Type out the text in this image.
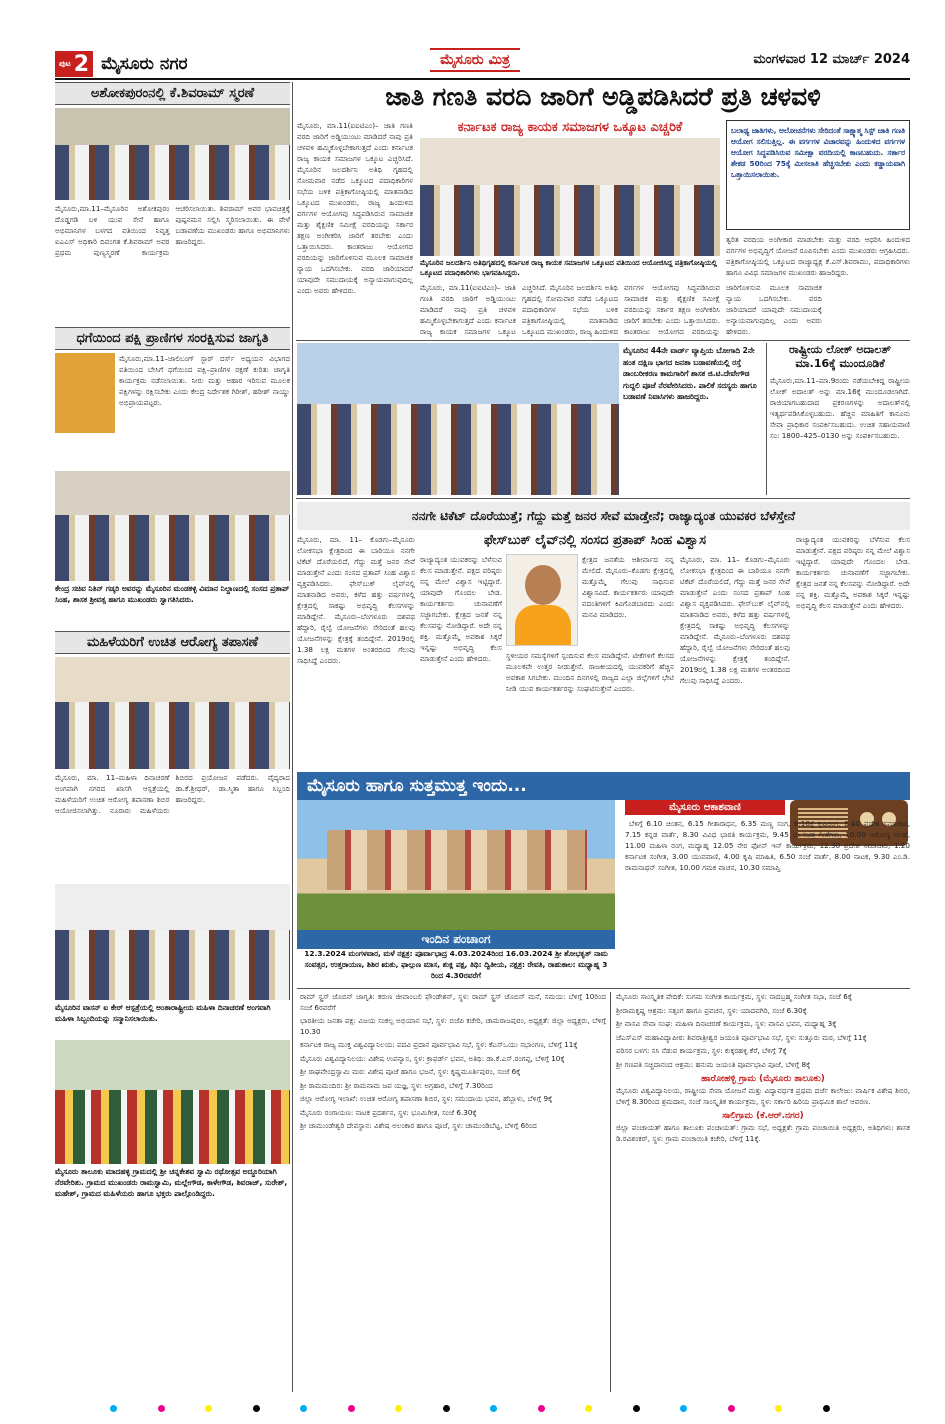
ಪುಟ 2 ಮೈಸೂರು ನಗರ	ಮೈಸೂರು ಮಿತ್ರ	ಮಂಗಳವಾರ 12 ಮಾರ್ಚ್ 2024
ಅಶೋಕಪುರಂನಲ್ಲಿ ಕೆ.ಶಿವರಾಮ್ ಸ್ಮರಣೆ
ಮೈಸೂರು,ಮಾ.11–ಮೈಸೂರಿನ ಅಶೋಕಪುರಂ ದೊಡ್ಡಗಡಿ ಬಳಿ ಯುವ ಸೇನೆ ಹಾಗೂ ಅಭಿಮಾನಿಗಳ ಬಳಗದ ವತಿಯಿಂದ ನಿವೃತ್ತ ಐಎಎಸ್ ಅಧಿಕಾರಿ ದಿವಂಗತ ಕೆ.ಶಿವರಾಮ್ ಅವರ ಪ್ರಥಮ ಪುಣ್ಯಸ್ಮರಣೆ ಕಾರ್ಯಕ್ರಮ ಆಚರಿಸಲಾಯಿತು. ಶಿವರಾಮ್ ಅವರ ಭಾವಚಿತ್ರಕ್ಕೆ ಪುಷ್ಪನಮನ ಸಲ್ಲಿಸಿ ಸ್ಮರಿಸಲಾಯಿತು. ಈ ವೇಳೆ ಬಡಾವಣೆಯ ಮುಖಂಡರು ಹಾಗೂ ಅಭಿಮಾನಿಗಳು ಹಾಜರಿದ್ದರು.
ಧಗೆಯಿಂದ ಪಕ್ಷಿ ಪ್ರಾಣಿಗಳ ಸಂರಕ್ಷಿಸುವ ಜಾಗೃತಿ
ಮೈಸೂರು,ಮಾ.11–ಜಾಲಿಬಂಗ್ ಸ್ಟಾರ್ ದರ್ಸ್ ಅಧ್ಯಯನ ವಿಭಾಗದ ವತಿಯಿಂದ ಬೇಸಿಗೆ ಧಗೆಯಿಂದ ಪಕ್ಷಿ–ಪ್ರಾಣಿಗಳ ರಕ್ಷಣೆ ಕುರಿತು ಜಾಗೃತಿ ಕಾರ್ಯಕ್ರಮ ನಡೆಸಲಾಯಿತು. ನೀರು ಮತ್ತು ಆಹಾರ ಇರಿಸುವ ಮೂಲಕ ಪಕ್ಷಿಗಳನ್ನು ರಕ್ಷಿಸಬೇಕು ಎಂದು ಕೇಂದ್ರ ನಿರ್ದೇಶಕ ಗಿರೀಶ್, ಹರೀಶ್ ನಾಯ್ಡು ಅಭಿಪ್ರಾಯಪಟ್ಟರು.
ಕೇಂದ್ರ ಸಚಿವ ನಿತಿನ್ ಗಡ್ಕರಿ ಅವರನ್ನು ಮೈಸೂರಿನ ಮಂಡಕಳ್ಳಿ ವಿಮಾನ ನಿಲ್ದಾಣದಲ್ಲಿ ಸಂಸದ ಪ್ರತಾಪ್ ಸಿಂಹ, ಶಾಸಕ ಶ್ರೀವತ್ಸ ಹಾಗೂ ಮುಖಂಡರು ಸ್ವಾಗತಿಸಿದರು.
ಮಹಿಳೆಯರಿಗೆ ಉಚಿತ ಆರೋಗ್ಯ ತಪಾಸಣೆ
ಮೈಸೂರು, ಮಾ. 11–ಮಹಿಳಾ ದಿನಾಚರಣೆ ಅಂಗವಾಗಿ ನಗರದ ಖಾಸಗಿ ಆಸ್ಪತ್ರೆಯಲ್ಲಿ ಮಹಿಳೆಯರಿಗೆ ಉಚಿತ ಆರೋಗ್ಯ ತಪಾಸಣಾ ಶಿಬಿರ ಆಯೋಜಿಸಲಾಗಿತ್ತು. ನೂರಾರು ಮಹಿಳೆಯರು ಶಿಬಿರದ ಪ್ರಯೋಜನ ಪಡೆದರು. ವೈದ್ಯರಾದ ಡಾ.ಕೆ.ಶ್ರೀಧರ್, ಡಾ.ಸ್ಮಿತಾ ಹಾಗೂ ಸಿಬ್ಬಂದಿ ಹಾಜರಿದ್ದರು.
ಮೈಸೂರಿನ ವಾಸನ್ ಐ ಕೇರ್ ಆಸ್ಪತ್ರೆಯಲ್ಲಿ ಅಂತಾರಾಷ್ಟ್ರೀಯ ಮಹಿಳಾ ದಿನಾಚರಣೆ ಅಂಗವಾಗಿ ಮಹಿಳಾ ಸಿಬ್ಬಂದಿಯನ್ನು ಸನ್ಮಾನಿಸಲಾಯಿತು.
ಮೈಸೂರು ತಾಲೂಕು ಮಾದಹಳ್ಳಿ ಗ್ರಾಮದಲ್ಲಿ ಶ್ರೀ ಚನ್ನಕೇಶವ ಸ್ವಾಮಿ ರಥೋತ್ಸವ ಅದ್ದೂರಿಯಾಗಿ ನೆರವೇರಿತು. ಗ್ರಾಮದ ಮುಖಂಡರು ರಾಮಸ್ವಾಮಿ, ಮಲ್ಲೇಗೌಡ, ಕಾಳೇಗೌಡ, ಶಿವರಾಜ್, ಸುರೇಶ್, ಮಹೇಶ್, ಗ್ರಾಮದ ಮಹಿಳೆಯರು ಹಾಗೂ ಭಕ್ತರು ಪಾಲ್ಗೊಂಡಿದ್ದರು.
ಜಾತಿ ಗಣತಿ ವರದಿ ಜಾರಿಗೆ ಅಡ್ಡಿಪಡಿಸಿದರೆ ಪ್ರತಿ ಚಳವಳಿ
ಮೈಸೂರು, ಮಾ.11(ಐಐಟಿಎಂ)– ಜಾತಿ ಗಣತಿ ವರದಿ ಜಾರಿಗೆ ಅಡ್ಡಿಯುಂಟು ಮಾಡಿದರೆ ನಾವು ಪ್ರತಿ ಚಳವಳಿ ಹಮ್ಮಿಕೊಳ್ಳಬೇಕಾಗುತ್ತದೆ ಎಂದು ಕರ್ನಾಟಕ ರಾಜ್ಯ ಕಾಯಕ ಸಮಾಜಗಳ ಒಕ್ಕೂಟ ಎಚ್ಚರಿಸಿದೆ. ಮೈಸೂರಿನ ಜಲದರ್ಶಿನಿ ಅತಿಥಿ ಗೃಹದಲ್ಲಿ ಸೋಮವಾರ ನಡೆದ ಒಕ್ಕೂಟದ ಪದಾಧಿಕಾರಿಗಳ ಸಭೆಯ ಬಳಿಕ ಪತ್ರಿಕಾಗೋಷ್ಠಿಯಲ್ಲಿ ಮಾತನಾಡಿದ ಒಕ್ಕೂಟದ ಮುಖಂಡರು, ರಾಜ್ಯ ಹಿಂದುಳಿದ ವರ್ಗಗಳ ಆಯೋಗವು ಸಿದ್ಧಪಡಿಸಿರುವ ಸಾಮಾಜಿಕ ಮತ್ತು ಶೈಕ್ಷಣಿಕ ಸಮೀಕ್ಷೆ ವರದಿಯನ್ನು ಸರ್ಕಾರ ತಕ್ಷಣ ಅಂಗೀಕರಿಸಿ ಜಾರಿಗೆ ತರಬೇಕು ಎಂದು ಒತ್ತಾಯಿಸಿದರು. ಕಾಂತರಾಜು ಆಯೋಗದ ವರದಿಯನ್ನು ಜಾರಿಗೊಳಿಸುವ ಮೂಲಕ ಸಾಮಾಜಿಕ ನ್ಯಾಯ ಒದಗಿಸಬೇಕು. ವರದಿ ಜಾರಿಯಾದರೆ ಯಾವುದೇ ಸಮುದಾಯಕ್ಕೆ ಅನ್ಯಾಯವಾಗುವುದಿಲ್ಲ ಎಂದು ಅವರು ಹೇಳಿದರು.
ಕರ್ನಾಟಕ ರಾಜ್ಯ ಕಾಯಕ ಸಮಾಜಗಳ ಒಕ್ಕೂಟ ಎಚ್ಚರಿಕೆ
ಮೈಸೂರಿನ ಜಲದರ್ಶಿನಿ ಅತಿಥಿಗೃಹದಲ್ಲಿ ಕರ್ನಾಟಕ ರಾಜ್ಯ ಕಾಯಕ ಸಮಾಜಗಳ ಒಕ್ಕೂಟದ ವತಿಯಿಂದ ಆಯೋಜಿಸಿದ್ದ ಪತ್ರಿಕಾಗೋಷ್ಠಿಯಲ್ಲಿ ಒಕ್ಕೂಟದ ಪದಾಧಿಕಾರಿಗಳು ಭಾಗವಹಿಸಿದ್ದರು.
ಮೈಸೂರು, ಮಾ.11(ಐಐಟಿಎಂ)– ಜಾತಿ ಗಣತಿ ವರದಿ ಜಾರಿಗೆ ಅಡ್ಡಿಯುಂಟು ಮಾಡಿದರೆ ನಾವು ಪ್ರತಿ ಚಳವಳಿ ಹಮ್ಮಿಕೊಳ್ಳಬೇಕಾಗುತ್ತದೆ ಎಂದು ಕರ್ನಾಟಕ ರಾಜ್ಯ ಕಾಯಕ ಸಮಾಜಗಳ ಒಕ್ಕೂಟ ಎಚ್ಚರಿಸಿದೆ. ಮೈಸೂರಿನ ಜಲದರ್ಶಿನಿ ಅತಿಥಿ ಗೃಹದಲ್ಲಿ ಸೋಮವಾರ ನಡೆದ ಒಕ್ಕೂಟದ ಪದಾಧಿಕಾರಿಗಳ ಸಭೆಯ ಬಳಿಕ ಪತ್ರಿಕಾಗೋಷ್ಠಿಯಲ್ಲಿ ಮಾತನಾಡಿದ ಒಕ್ಕೂಟದ ಮುಖಂಡರು, ರಾಜ್ಯ ಹಿಂದುಳಿದ ವರ್ಗಗಳ ಆಯೋಗವು ಸಿದ್ಧಪಡಿಸಿರುವ ಸಾಮಾಜಿಕ ಮತ್ತು ಶೈಕ್ಷಣಿಕ ಸಮೀಕ್ಷೆ ವರದಿಯನ್ನು ಸರ್ಕಾರ ತಕ್ಷಣ ಅಂಗೀಕರಿಸಿ ಜಾರಿಗೆ ತರಬೇಕು ಎಂದು ಒತ್ತಾಯಿಸಿದರು. ಕಾಂತರಾಜು ಆಯೋಗದ ವರದಿಯನ್ನು ಜಾರಿಗೊಳಿಸುವ ಮೂಲಕ ಸಾಮಾಜಿಕ ನ್ಯಾಯ ಒದಗಿಸಬೇಕು. ವರದಿ ಜಾರಿಯಾದರೆ ಯಾವುದೇ ಸಮುದಾಯಕ್ಕೆ ಅನ್ಯಾಯವಾಗುವುದಿಲ್ಲ ಎಂದು ಅವರು ಹೇಳಿದರು.
ಬಲಾಢ್ಯ ಜಾತಿಗಳು, ಆಲೋಚನೆಗಳು ಸೇರಿದಂತೆ ಸಾಕ್ಷ್ಯಾತ್ಮ ಸಿಸ್ಟ್ ಜಾತಿ ಗಣತಿ ಆಯೋಗ ಸಲಿಸುತ್ತಿಲ್ಲ. ಈ ವರ್ಗಗಳ ವಿಚಾರವನ್ನು ಹಿಂದುಳಿದ ವರ್ಗಗಳ ಆಯೋಗ ಸಿದ್ಧಪಡಿಸಿರುವ ಸಮೀಕ್ಷಾ ವರದಿಯಲ್ಲಿ ಕಾಣಬಹುದು. ಸರ್ಕಾರ ಶೇಕಡ 50ರಿಂದ 75ಕ್ಕೆ ಮೀಸಲಾತಿ ಹೆಚ್ಚಿಸಬೇಕು ಎಂದು ಕಡ್ಡಾಯವಾಗಿ ಒತ್ತಾಯಿಸಲಾಯಿತು.
ತ್ವರಿತ ವರದಿಯ ಅಂಗೀಕಾರ ಮಾಡಬೇಕು ಮತ್ತು ವರದಿ ಆಧರಿಸಿ ಹಿಂದುಳಿದ ವರ್ಗಗಳ ಅಭಿವೃದ್ಧಿಗೆ ಯೋಜನೆ ರೂಪಿಸಬೇಕು ಎಂದು ಮುಖಂಡರು ಆಗ್ರಹಿಸಿದರು. ಪತ್ರಿಕಾಗೋಷ್ಠಿಯಲ್ಲಿ ಒಕ್ಕೂಟದ ರಾಜ್ಯಾಧ್ಯಕ್ಷ ಕೆ.ಎಸ್.ಶಿವರಾಮು, ಪದಾಧಿಕಾರಿಗಳು ಹಾಗೂ ವಿವಿಧ ಸಮಾಜಗಳ ಮುಖಂಡರು ಹಾಜರಿದ್ದರು.
ಮೈಸೂರಿನ 44ನೇ ವಾರ್ಡ್ ವ್ಯಾಪ್ತಿಯ ಬೋಗಾದಿ 2ನೇ ಹಂತ ದಕ್ಷಿಣ ಭಾಗದ ಜನತಾ ಬಡಾವಣೆಯಲ್ಲಿ ರಸ್ತೆ ಡಾಂಬರೀಕರಣ ಕಾಮಗಾರಿಗೆ ಶಾಸಕ ಜಿ.ಟಿ.ದೇವೇಗೌಡ ಗುದ್ದಲಿ ಪೂಜೆ ನೆರವೇರಿಸಿದರು. ಪಾಲಿಕೆ ಸದಸ್ಯರು ಹಾಗೂ ಬಡಾವಣೆ ನಿವಾಸಿಗಳು ಹಾಜರಿದ್ದರು.
ರಾಷ್ಟ್ರೀಯ ಲೋಕ್ ಅದಾಲತ್ ಮಾ.16ಕ್ಕೆ ಮುಂದೂಡಿಕೆ
ಮೈಸೂರು,ಮಾ.11–ಮಾ.9ರಂದು ನಡೆಯಬೇಕಿದ್ದ ರಾಷ್ಟ್ರೀಯ ಲೋಕ್ ಅದಾಲತ್ ಅನ್ನು ಮಾ.16ಕ್ಕೆ ಮುಂದೂಡಲಾಗಿದೆ. ರಾಜಿಯಾಗಬಹುದಾದ ಪ್ರಕರಣಗಳನ್ನು ಅದಾಲತ್‌ನಲ್ಲಿ ಇತ್ಯರ್ಥಪಡಿಸಿಕೊಳ್ಳಬಹುದು. ಹೆಚ್ಚಿನ ಮಾಹಿತಿಗೆ ಕಾನೂನು ಸೇವಾ ಪ್ರಾಧಿಕಾರ ಸಂಪರ್ಕಿಸಬಹುದು. ಉಚಿತ ಸಹಾಯವಾಣಿ ಸಂ: 1800–425–0130 ಅನ್ನು ಸಂಪರ್ಕಿಸಬಹುದು.
ನನಗೇ ಟಿಕೆಟ್ ದೊರೆಯುತ್ತೆ; ಗೆದ್ದು ಮತ್ತೆ ಜನರ ಸೇವೆ ಮಾಡ್ತೇನೆ; ರಾಜ್ಯಾದ್ಯಂತ ಯುವಕರ ಬೆಳೆಸ್ತೇನೆ
ಫೇಸ್‌ಬುಕ್ ಲೈವ್‌ನಲ್ಲಿ ಸಂಸದ ಪ್ರತಾಪ್ ಸಿಂಹ ವಿಶ್ವಾಸ
ಮೈಸೂರು, ಮಾ. 11– ಕೊಡಗು–ಮೈಸೂರು ಲೋಕಸಭಾ ಕ್ಷೇತ್ರದಿಂದ ಈ ಬಾರಿಯೂ ನನಗೇ ಟಿಕೆಟ್ ದೊರೆಯಲಿದೆ, ಗೆದ್ದು ಮತ್ತೆ ಜನರ ಸೇವೆ ಮಾಡುತ್ತೇನೆ ಎಂದು ಸಂಸದ ಪ್ರತಾಪ್ ಸಿಂಹ ವಿಶ್ವಾಸ ವ್ಯಕ್ತಪಡಿಸಿದರು. ಫೇಸ್‌ಬುಕ್ ಲೈವ್‌ನಲ್ಲಿ ಮಾತನಾಡಿದ ಅವರು, ಕಳೆದ ಹತ್ತು ವರ್ಷಗಳಲ್ಲಿ ಕ್ಷೇತ್ರದಲ್ಲಿ ಸಾಕಷ್ಟು ಅಭಿವೃದ್ಧಿ ಕೆಲಸಗಳನ್ನು ಮಾಡಿದ್ದೇನೆ. ಮೈಸೂರು–ಬೆಂಗಳೂರು ದಶಪಥ ಹೆದ್ದಾರಿ, ರೈಲ್ವೆ ಯೋಜನೆಗಳು ಸೇರಿದಂತೆ ಹಲವು ಯೋಜನೆಗಳನ್ನು ಕ್ಷೇತ್ರಕ್ಕೆ ತಂದಿದ್ದೇನೆ. 2019ರಲ್ಲಿ 1.38 ಲಕ್ಷ ಮತಗಳ ಅಂತರದಿಂದ ಗೆಲುವು ಸಾಧಿಸಿದ್ದೆ ಎಂದರು.
ರಾಜ್ಯಾದ್ಯಂತ ಯುವಕರನ್ನು ಬೆಳೆಸುವ ಕೆಲಸ ಮಾಡುತ್ತೇನೆ. ಪಕ್ಷದ ವರಿಷ್ಠರು ನನ್ನ ಮೇಲೆ ವಿಶ್ವಾಸ ಇಟ್ಟಿದ್ದಾರೆ. ಯಾವುದೇ ಗೊಂದಲ ಬೇಡ. ಕಾರ್ಯಕರ್ತರು ಚುನಾವಣೆಗೆ ಸಜ್ಜಾಗಬೇಕು. ಕ್ಷೇತ್ರದ ಜನತೆ ನನ್ನ ಕೆಲಸವನ್ನು ನೋಡಿದ್ದಾರೆ. ಅದೇ ನನ್ನ ಶಕ್ತಿ. ಮತ್ತೊಮ್ಮೆ ಅವಕಾಶ ಸಿಕ್ಕರೆ ಇನ್ನಷ್ಟು ಅಭಿವೃದ್ಧಿ ಕೆಲಸ ಮಾಡುತ್ತೇನೆ ಎಂದು ಹೇಳಿದರು.	ಸ್ಥಳೀಯರ ಸಮಸ್ಯೆಗಳಿಗೆ ಸ್ಪಂದಿಸುವ ಕೆಲಸ ಮಾಡಿದ್ದೇನೆ. ಟೀಕೆಗಳಿಗೆ ಕೆಲಸದ ಮೂಲಕವೇ ಉತ್ತರ ನೀಡುತ್ತೇನೆ. ರಾಜಕೀಯದಲ್ಲಿ ಯುವಕರಿಗೆ ಹೆಚ್ಚಿನ ಅವಕಾಶ ಸಿಗಬೇಕು. ಮುಂದಿನ ದಿನಗಳಲ್ಲಿ ರಾಜ್ಯದ ಎಲ್ಲಾ ಜಿಲ್ಲೆಗಳಿಗೆ ಭೇಟಿ ನೀಡಿ ಯುವ ಕಾರ್ಯಕರ್ತರನ್ನು ಸಂಘಟಿಸುತ್ತೇನೆ ಎಂದರು.
ಕ್ಷೇತ್ರದ ಜನತೆಯ ಆಶೀರ್ವಾದ ನನ್ನ ಮೇಲಿದೆ. ಮೈಸೂರು–ಕೊಡಗು ಕ್ಷೇತ್ರದಲ್ಲಿ ಮತ್ತೊಮ್ಮೆ ಗೆಲುವು ಸಾಧಿಸುವ ವಿಶ್ವಾಸವಿದೆ. ಕಾರ್ಯಕರ್ತರು ಯಾವುದೇ ವದಂತಿಗಳಿಗೆ ಕಿವಿಗೊಡಬಾರದು ಎಂದು ಮನವಿ ಮಾಡಿದರು.
ಮೈಸೂರು, ಮಾ. 11– ಕೊಡಗು–ಮೈಸೂರು ಲೋಕಸಭಾ ಕ್ಷೇತ್ರದಿಂದ ಈ ಬಾರಿಯೂ ನನಗೇ ಟಿಕೆಟ್ ದೊರೆಯಲಿದೆ, ಗೆದ್ದು ಮತ್ತೆ ಜನರ ಸೇವೆ ಮಾಡುತ್ತೇನೆ ಎಂದು ಸಂಸದ ಪ್ರತಾಪ್ ಸಿಂಹ ವಿಶ್ವಾಸ ವ್ಯಕ್ತಪಡಿಸಿದರು. ಫೇಸ್‌ಬುಕ್ ಲೈವ್‌ನಲ್ಲಿ ಮಾತನಾಡಿದ ಅವರು, ಕಳೆದ ಹತ್ತು ವರ್ಷಗಳಲ್ಲಿ ಕ್ಷೇತ್ರದಲ್ಲಿ ಸಾಕಷ್ಟು ಅಭಿವೃದ್ಧಿ ಕೆಲಸಗಳನ್ನು ಮಾಡಿದ್ದೇನೆ. ಮೈಸೂರು–ಬೆಂಗಳೂರು ದಶಪಥ ಹೆದ್ದಾರಿ, ರೈಲ್ವೆ ಯೋಜನೆಗಳು ಸೇರಿದಂತೆ ಹಲವು ಯೋಜನೆಗಳನ್ನು ಕ್ಷೇತ್ರಕ್ಕೆ ತಂದಿದ್ದೇನೆ. 2019ರಲ್ಲಿ 1.38 ಲಕ್ಷ ಮತಗಳ ಅಂತರದಿಂದ ಗೆಲುವು ಸಾಧಿಸಿದ್ದೆ ಎಂದರು.
ರಾಜ್ಯಾದ್ಯಂತ ಯುವಕರನ್ನು ಬೆಳೆಸುವ ಕೆಲಸ ಮಾಡುತ್ತೇನೆ. ಪಕ್ಷದ ವರಿಷ್ಠರು ನನ್ನ ಮೇಲೆ ವಿಶ್ವಾಸ ಇಟ್ಟಿದ್ದಾರೆ. ಯಾವುದೇ ಗೊಂದಲ ಬೇಡ. ಕಾರ್ಯಕರ್ತರು ಚುನಾವಣೆಗೆ ಸಜ್ಜಾಗಬೇಕು. ಕ್ಷೇತ್ರದ ಜನತೆ ನನ್ನ ಕೆಲಸವನ್ನು ನೋಡಿದ್ದಾರೆ. ಅದೇ ನನ್ನ ಶಕ್ತಿ. ಮತ್ತೊಮ್ಮೆ ಅವಕಾಶ ಸಿಕ್ಕರೆ ಇನ್ನಷ್ಟು ಅಭಿವೃದ್ಧಿ ಕೆಲಸ ಮಾಡುತ್ತೇನೆ ಎಂದು ಹೇಳಿದರು.
ಮೈಸೂರು ಹಾಗೂ ಸುತ್ತಮುತ್ತ ಇಂದು...
ಇಂದಿನ ಪಂಚಾಂಗ
12.3.2024 ಮಂಗಳವಾರ, ಮಳೆ ನಕ್ಷತ್ರ: ಪೂರ್ವಾಭಾದ್ರ 4.03.2024ರಿಂದ 16.03.2024 ಶ್ರೀ ಶೋಭಕೃತ್ ನಾಮ ಸಂವತ್ಸರ, ಉತ್ತರಾಯಣ, ಶಿಶಿರ ಋತು, ಫಾಲ್ಗುಣ ಮಾಸ, ಶುಕ್ಲ ಪಕ್ಷ, ತಿಥಿ: ದ್ವಿತೀಯ, ನಕ್ಷತ್ರ: ರೇವತಿ, ರಾಹುಕಾಲ: ಮಧ್ಯಾಹ್ನ 3 ರಿಂದ 4.30ರವರೆಗೆ
ಮೈಸೂರು ಆಕಾಶವಾಣಿ
ಬೆಳಿಗ್ಗೆ 6.10 ಚಿಂತನ, 6.15 ಗೀತಾರಾಧನ, 6.35 ಮಣ್ಣ ಸಂಗ, 6.10ಕ್ಕೆ ಕೃಷಿರಂಗ, 6.40 ಪ್ರದೇಶ ಸಮಾಚಾರ, 7.15 ಕನ್ನಡ ವಾರ್ತೆ, 8.30 ವಿವಿಧ ಭಾರತಿ ಕಾರ್ಯಕ್ರಮ, 9.45 ಚಲನಚಿತ್ರ ಗೀತೆಗಳು, 10.00 ಆರೋಗ್ಯ ಸಲಹೆ, 11.00 ಮಹಿಳಾ ರಂಗ, ಮಧ್ಯಾಹ್ನ 12.05 ನೇರ ಫೋನ್ ಇನ್ ಕಾರ್ಯಕ್ರಮ, 12.30 ಪ್ರದೇಶ ಸಮಾಚಾರ, 1.20 ಕರ್ನಾಟಕ ಸಂಗೀತ, 3.00 ಯುವವಾಣಿ, 4.00 ಕೃಷಿ ಮಾಹಿತಿ, 6.50 ಸಂಜೆ ವಾರ್ತೆ, 8.00 ನಾಟಕ, 9.30 ಎಂ.ಡಿ. ರಾಮನಾಥನ್ ಸಂಗೀತ, 10.00 ಗಮಕ ವಾಚನ, 10.30 ಸಮಾಪ್ತಿ
ರಾಮ್ ಸ್ಟ್ರಸ್ ಜೊಬಿನ್ ಜಾಗೃತಿ: ಕರುಣ ಜೀವಾಂಬಲಿ ಫೌಂಡೇಶನ್, ಸ್ಥಳ: ರಾಮ್ ಸ್ಟ್ರಸ್ ಜೊಬಿನ್ ಮನೆ, ಸಮಯ: ಬೆಳಿಗ್ಗೆ 10ರಿಂದ ಸಂಜೆ 6ರವರೆಗೆ
ಭಾರತೀಯ ಜನತಾ ಪಕ್ಷ: ವಿಜಯ ಸಂಕಲ್ಪ ಅಭಿಯಾನ ಸಭೆ, ಸ್ಥಳ: ಬಿಜೆಪಿ ಕಚೇರಿ, ಚಾಮರಾಜಪುರಂ, ಅಧ್ಯಕ್ಷತೆ: ಜಿಲ್ಲಾ ಅಧ್ಯಕ್ಷರು, ಬೆಳಿಗ್ಗೆ 10.30
ಕರ್ನಾಟಕ ರಾಜ್ಯ ಮುಕ್ತ ವಿಶ್ವವಿದ್ಯಾನಿಲಯ: ಪದವಿ ಪ್ರದಾನ ಪೂರ್ವಭಾವಿ ಸಭೆ, ಸ್ಥಳ: ಕೆಎಸ್‌ಒಯು ಸಭಾಂಗಣ, ಬೆಳಿಗ್ಗೆ 11ಕ್ಕೆ
ಮೈಸೂರು ವಿಶ್ವವಿದ್ಯಾನಿಲಯ: ವಿಶೇಷ ಉಪನ್ಯಾಸ, ಸ್ಥಳ: ಕ್ರಾಫರ್ಡ್ ಭವನ, ಅತಿಥಿ: ಡಾ.ಕೆ.ಎಸ್.ರಂಗಪ್ಪ, ಬೆಳಿಗ್ಗೆ 10ಕ್ಕೆ
ಶ್ರೀ ರಾಘವೇಂದ್ರಸ್ವಾಮಿ ಮಠ: ವಿಶೇಷ ಪೂಜೆ ಹಾಗೂ ಭಜನೆ, ಸ್ಥಳ: ಕೃಷ್ಣಮೂರ್ತಿಪುರಂ, ಸಂಜೆ 6ಕ್ಕೆ
ಶ್ರೀ ರಾಮಮಂದಿರ: ಶ್ರೀ ರಾಮನಾಮ ಜಪ ಯಜ್ಞ, ಸ್ಥಳ: ಅಗ್ರಹಾರ, ಬೆಳಿಗ್ಗೆ 7.30ರಿಂದ
ಜಿಲ್ಲಾ ಆರೋಗ್ಯ ಇಲಾಖೆ: ಉಚಿತ ಆರೋಗ್ಯ ತಪಾಸಣಾ ಶಿಬಿರ, ಸ್ಥಳ: ಸಮುದಾಯ ಭವನ, ಹೆಬ್ಬಾಳು, ಬೆಳಿಗ್ಗೆ 9ಕ್ಕೆ
ಮೈಸೂರು ರಂಗಾಯಣ: ನಾಟಕ ಪ್ರದರ್ಶನ, ಸ್ಥಳ: ಭೂಮಿಗೀತ, ಸಂಜೆ 6.30ಕ್ಕೆ
ಶ್ರೀ ಚಾಮುಂಡೇಶ್ವರಿ ದೇವಸ್ಥಾನ: ವಿಶೇಷ ಅಲಂಕಾರ ಹಾಗೂ ಪೂಜೆ, ಸ್ಥಳ: ಚಾಮುಂಡಿಬೆಟ್ಟ, ಬೆಳಿಗ್ಗೆ 6ರಿಂದ
ಮೈಸೂರು ಸಾಂಸ್ಕೃತಿಕ ವೇದಿಕೆ: ಸುಗಮ ಸಂಗೀತ ಕಾರ್ಯಕ್ರಮ, ಸ್ಥಳ: ನಾದಬ್ರಹ್ಮ ಸಂಗೀತ ಸಭಾ, ಸಂಜೆ 6ಕ್ಕೆ
ಶ್ರೀರಾಮಕೃಷ್ಣ ಆಶ್ರಮ: ಸತ್ಸಂಗ ಹಾಗೂ ಪ್ರವಚನ, ಸ್ಥಳ: ಯಾದವಗಿರಿ, ಸಂಜೆ 6.30ಕ್ಕೆ
ಶ್ರೀ ವಾಸವಿ ಸೇವಾ ಸಂಘ: ಮಹಿಳಾ ದಿನಾಚರಣೆ ಕಾರ್ಯಕ್ರಮ, ಸ್ಥಳ: ವಾಸವಿ ಭವನ, ಮಧ್ಯಾಹ್ನ 3ಕ್ಕೆ
ಜೆಎಸ್‌ಎಸ್ ಮಹಾವಿದ್ಯಾಪೀಠ: ಶಿವರಾತ್ರೀಶ್ವರ ಜಯಂತಿ ಪೂರ್ವಭಾವಿ ಸಭೆ, ಸ್ಥಳ: ಸುತ್ತೂರು ಮಠ, ಬೆಳಿಗ್ಗೆ 11ಕ್ಕೆ
ಪರಿಸರ ಬಳಗ: ಸಸಿ ನೆಡುವ ಕಾರ್ಯಕ್ರಮ, ಸ್ಥಳ: ಕುಕ್ಕರಹಳ್ಳಿ ಕೆರೆ, ಬೆಳಿಗ್ಗೆ 7ಕ್ಕೆ
ಶ್ರೀ ಗಣಪತಿ ಸಚ್ಚಿದಾನಂದ ಆಶ್ರಮ: ಹನುಮ ಜಯಂತಿ ಪೂರ್ವಭಾವಿ ಪೂಜೆ, ಬೆಳಿಗ್ಗೆ 8ಕ್ಕೆ
ಹಾರೋಹಳ್ಳಿ ಗ್ರಾಮ (ಮೈಸೂರು ತಾಲೂಕು)
ಮೈಸೂರು ವಿಶ್ವವಿದ್ಯಾನಿಲಯ, ರಾಷ್ಟ್ರೀಯ ಸೇವಾ ಯೋಜನೆ ಮತ್ತು ವಿದ್ಯಾವರ್ಧಕ ಪ್ರಥಮ ದರ್ಜೆ ಕಾಲೇಜು: ವಾರ್ಷಿಕ ವಿಶೇಷ ಶಿಬಿರ, ಬೆಳಿಗ್ಗೆ 8.30ರಿಂದ ಶ್ರಮದಾನ, ಸಂಜೆ ಸಾಂಸ್ಕೃತಿಕ ಕಾರ್ಯಕ್ರಮ, ಸ್ಥಳ: ಸರ್ಕಾರಿ ಹಿರಿಯ ಪ್ರಾಥಮಿಕ ಶಾಲೆ ಆವರಣ.
ಸಾಲಿಗ್ರಾಮ (ಕೆ.ಆರ್.ನಗರ)
ಜಿಲ್ಲಾ ಪಂಚಾಯತ್ ಹಾಗೂ ತಾಲೂಕು ಪಂಚಾಯತ್: ಗ್ರಾಮ ಸಭೆ, ಅಧ್ಯಕ್ಷತೆ: ಗ್ರಾಮ ಪಂಚಾಯಿತಿ ಅಧ್ಯಕ್ಷರು, ಅತಿಥಿಗಳು: ಶಾಸಕ ಡಿ.ರವಿಶಂಕರ್, ಸ್ಥಳ: ಗ್ರಾಮ ಪಂಚಾಯಿತಿ ಕಚೇರಿ, ಬೆಳಿಗ್ಗೆ 11ಕ್ಕೆ.
